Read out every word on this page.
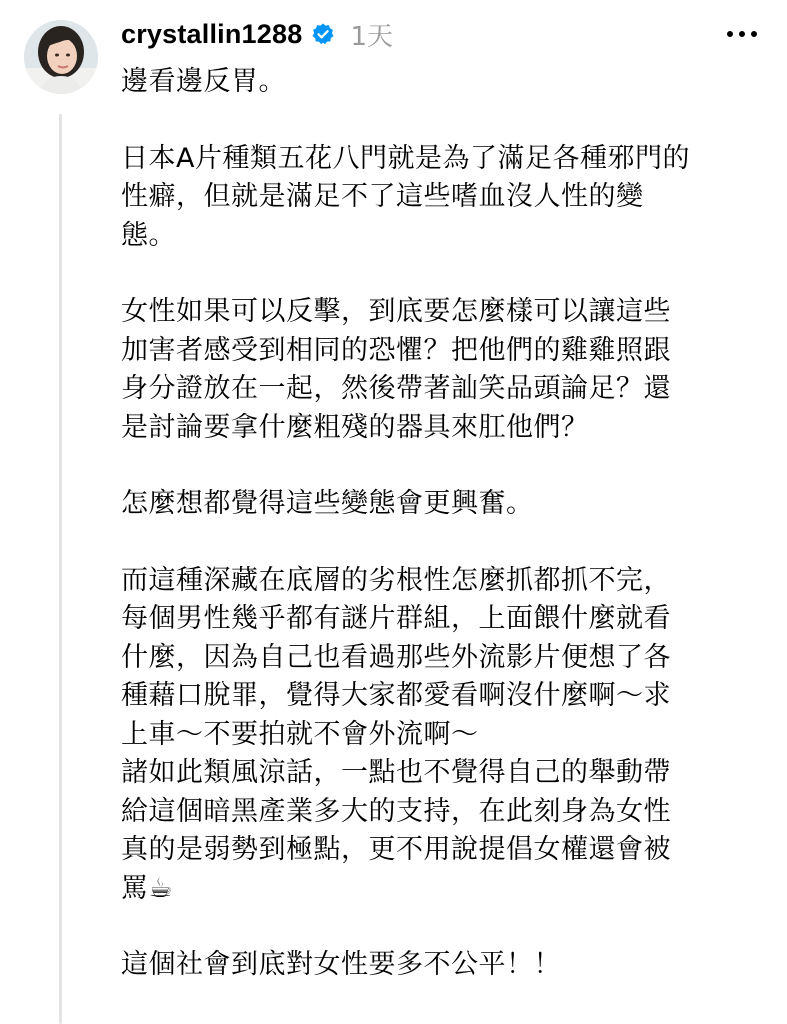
crystallin1288 1天

邊看邊反胃。

日本A片種類五花八門就是為了滿足各種邪門的
性癖，但就是滿足不了這些嗜血沒人性的變
態。

女性如果可以反擊，到底要怎麼樣可以讓這些
加害者感受到相同的恐懼？把他們的雞雞照跟
身分證放在一起，然後帶著訕笑品頭論足？還
是討論要拿什麼粗殘的器具來肛他們？

怎麼想都覺得這些變態會更興奮。

而這種深藏在底層的劣根性怎麼抓都抓不完，
每個男性幾乎都有謎片群組，上面餵什麼就看
什麼，因為自己也看過那些外流影片便想了各
種藉口脫罪，覺得大家都愛看啊沒什麼啊～求
上車～不要拍就不會外流啊～
諸如此類風涼話，一點也不覺得自己的舉動帶
給這個暗黑產業多大的支持，在此刻身為女性
真的是弱勢到極點，更不用說提倡女權還會被
罵☕

這個社會到底對女性要多不公平！！
